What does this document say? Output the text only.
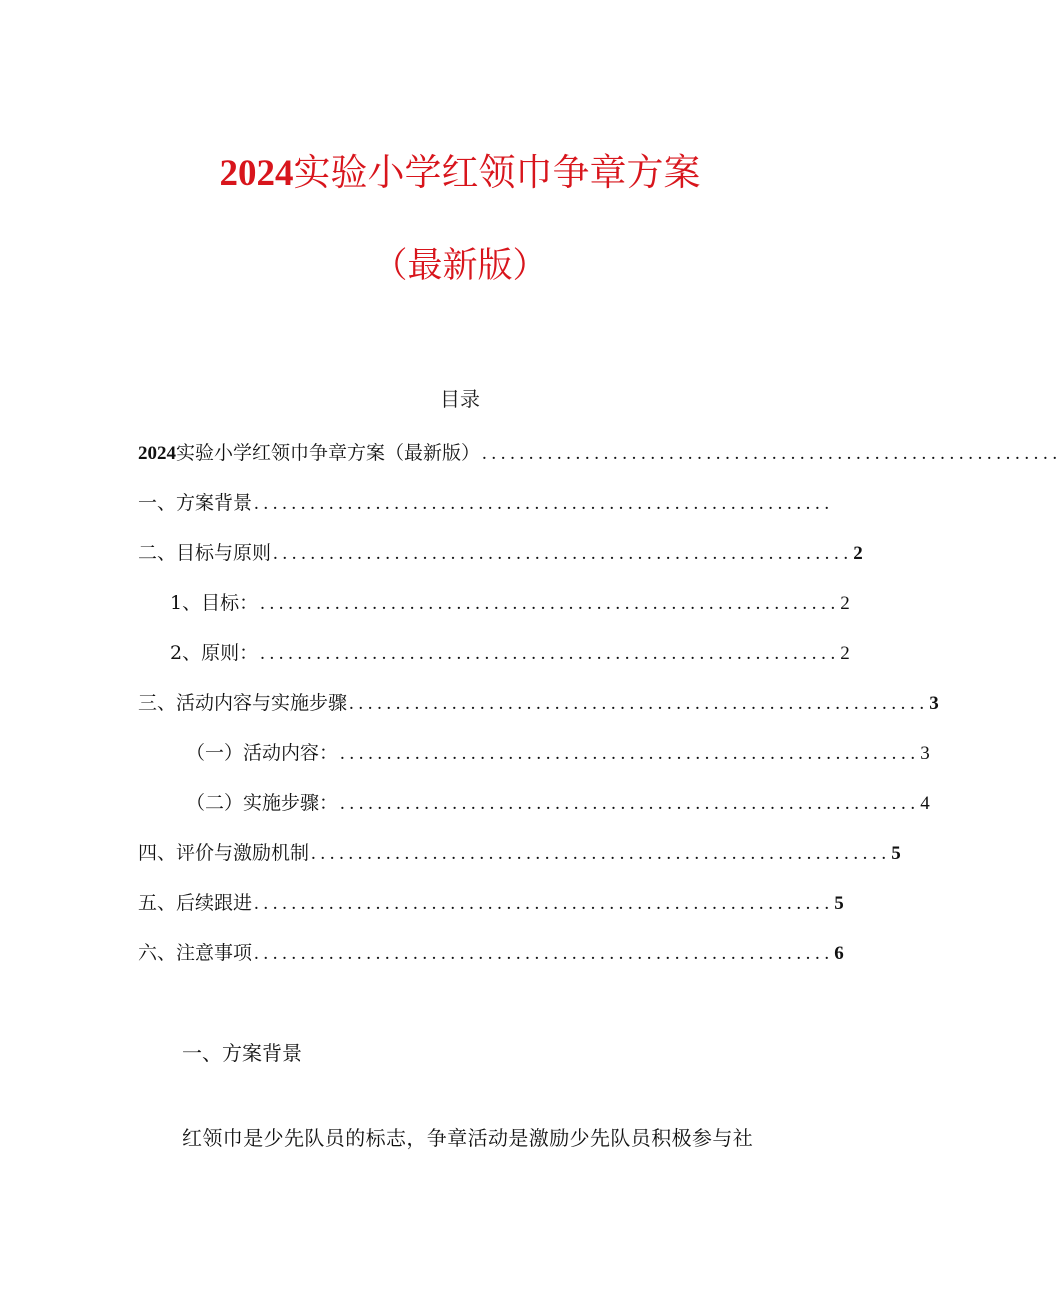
2024实验小学红领巾争章方案
（最新版）
目录
2024实验小学红领巾争章方案（最新版） ..............................................................
一、方案背景 ..............................................................
二、目标与原则 .............................................................. 2
1、目标： .............................................................. 2
2、原则： .............................................................. 2
三、活动内容与实施步骤 .............................................................. 3
（一）活动内容： .............................................................. 3
（二）实施步骤： .............................................................. 4
四、评价与激励机制 .............................................................. 5
五、后续跟进 .............................................................. 5
六、注意事项 .............................................................. 6
一、方案背景
红领巾是少先队员的标志，争章活动是激励少先队员积极参与社
